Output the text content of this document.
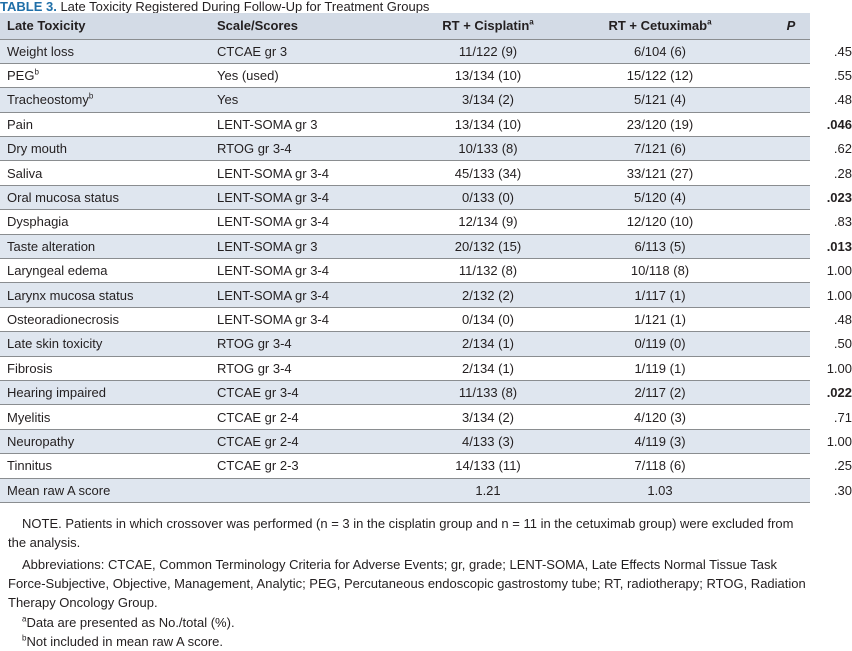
TABLE 3. Late Toxicity Registered During Follow-Up for Treatment Groups
Late Toxicity	Scale/Scores	RT + Cisplatin$^a$	RT + Cetuximab$^a$	P
Weight loss	CTCAE gr 3	11/122 (9)	6/104 (6)	.45
PEG$^b$	Yes (used)	13/134 (10)	15/122 (12)	.55
Tracheostomy$^b$	Yes	3/134 (2)	5/121 (4)	.48
Pain	LENT-SOMA gr 3	13/134 (10)	23/120 (19)	.046
Dry mouth	RTOG gr 3-4	10/133 (8)	7/121 (6)	.62
Saliva	LENT-SOMA gr 3-4	45/133 (34)	33/121 (27)	.28
Oral mucosa status	LENT-SOMA gr 3-4	0/133 (0)	5/120 (4)	.023
Dysphagia	LENT-SOMA gr 3-4	12/134 (9)	12/120 (10)	.83
Taste alteration	LENT-SOMA gr 3	20/132 (15)	6/113 (5)	.013
Laryngeal edema	LENT-SOMA gr 3-4	11/132 (8)	10/118 (8)	1.00
Larynx mucosa status	LENT-SOMA gr 3-4	2/132 (2)	1/117 (1)	1.00
Osteoradionecrosis	LENT-SOMA gr 3-4	0/134 (0)	1/121 (1)	.48
Late skin toxicity	RTOG gr 3-4	2/134 (1)	0/119 (0)	.50
Fibrosis	RTOG gr 3-4	2/134 (1)	1/119 (1)	1.00
Hearing impaired	CTCAE gr 3-4	11/133 (8)	2/117 (2)	.022
Myelitis	CTCAE gr 2-4	3/134 (2)	4/120 (3)	.71
Neuropathy	CTCAE gr 2-4	4/133 (3)	4/119 (3)	1.00
Tinnitus	CTCAE gr 2-3	14/133 (11)	7/118 (6)	.25
Mean raw A score		1.21	1.03	.30

NOTE. Patients in which crossover was performed (n = 3 in the cisplatin group and n = 11 in the cetuximab group) were excluded from the analysis.

Abbreviations: CTCAE, Common Terminology Criteria for Adverse Events; gr, grade; LENT-SOMA, Late Effects Normal Tissue Task Force-Subjective, Objective, Management, Analytic; PEG, Percutaneous endoscopic gastrostomy tube; RT, radiotherapy; RTOG, Radiation Therapy Oncology Group.

$^a$Data are presented as No./total (%).

$^b$Not included in mean raw A score.
